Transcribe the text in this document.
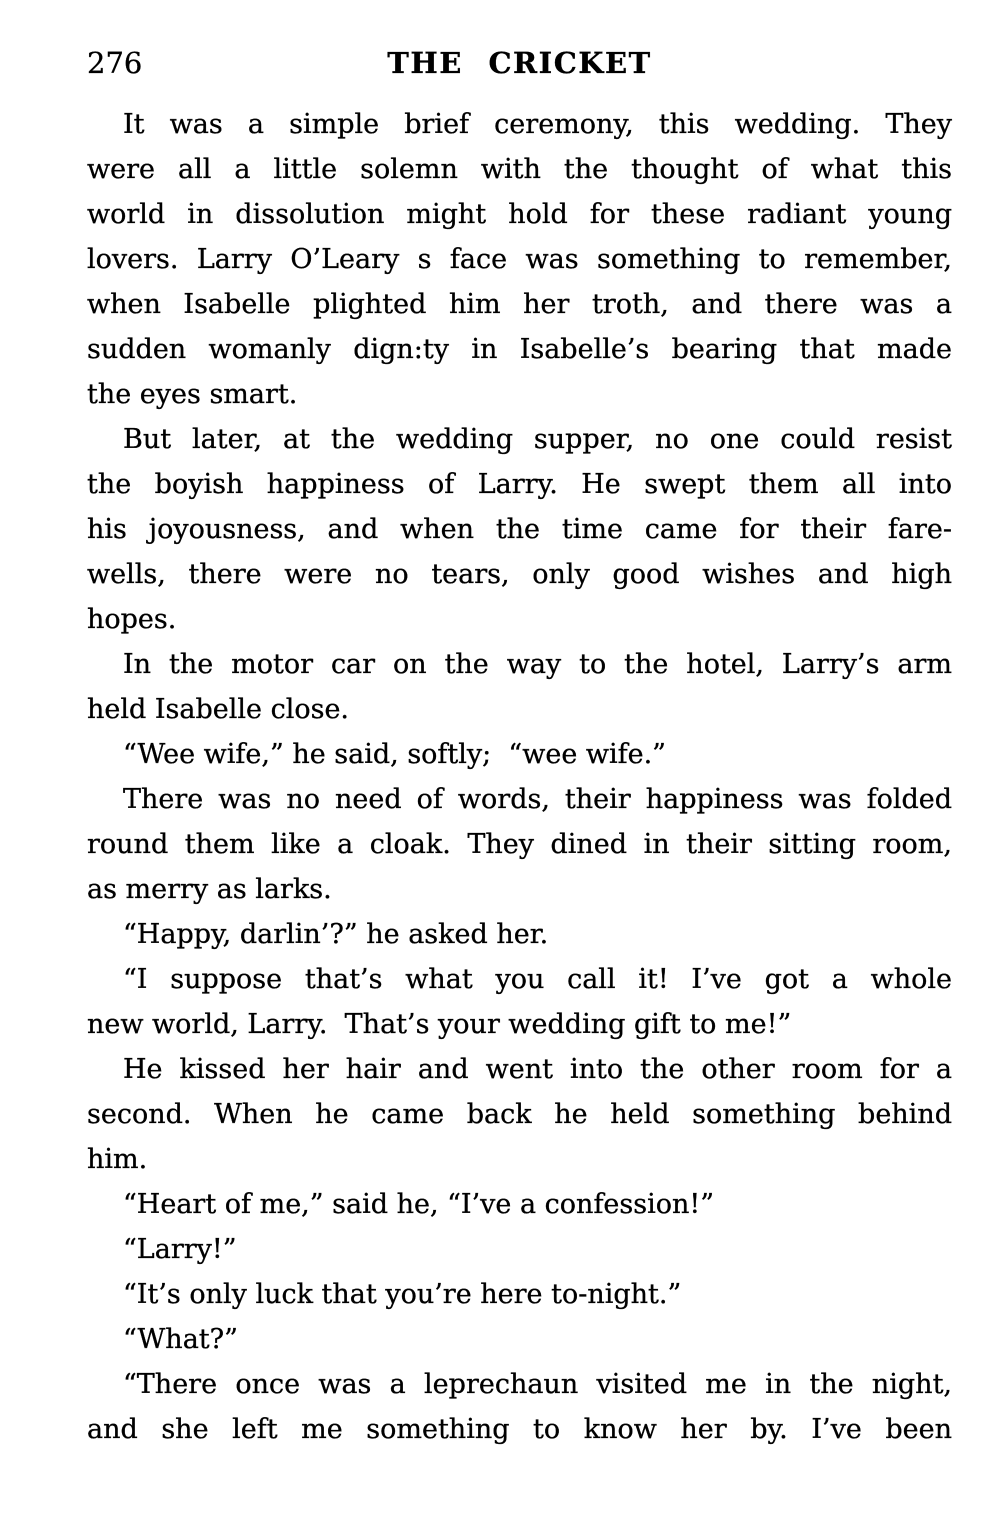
276	THE CRICKET
It was a simple brief ceremony, this wedding. They
were all a little solemn with the thought of what this
world in dissolution might hold for these radiant young
lovers. Larry O’Leary s face was something to remember,
when Isabelle plighted him her troth, and there was a
sudden womanly dign:ty in Isabelle’s bearing that made
the eyes smart.
But later, at the wedding supper, no one could resist
the boyish happiness of Larry. He swept them all into
his joyousness, and when the time came for their fare-
wells, there were no tears, only good wishes and high
hopes.
In the motor car on the way to the hotel, Larry’s arm
held Isabelle close.
“Wee wife,” he said, softly;  “wee wife.”
There was no need of words, their happiness was folded
round them like a cloak. They dined in their sitting room,
as merry as larks.
“Happy, darlin’?” he asked her.
“I suppose that’s what you call it! I’ve got a whole
new world, Larry.  That’s your wedding gift to me!”
He kissed her hair and went into the other room for a
second. When he came back he held something behind
him.
“Heart of me,” said he, “I’ve a confession!”
“Larry!”
“It’s only luck that you’re here to-night.”
“What?”
“There once was a leprechaun visited me in the night,
and she left me something to know her by. I’ve been
